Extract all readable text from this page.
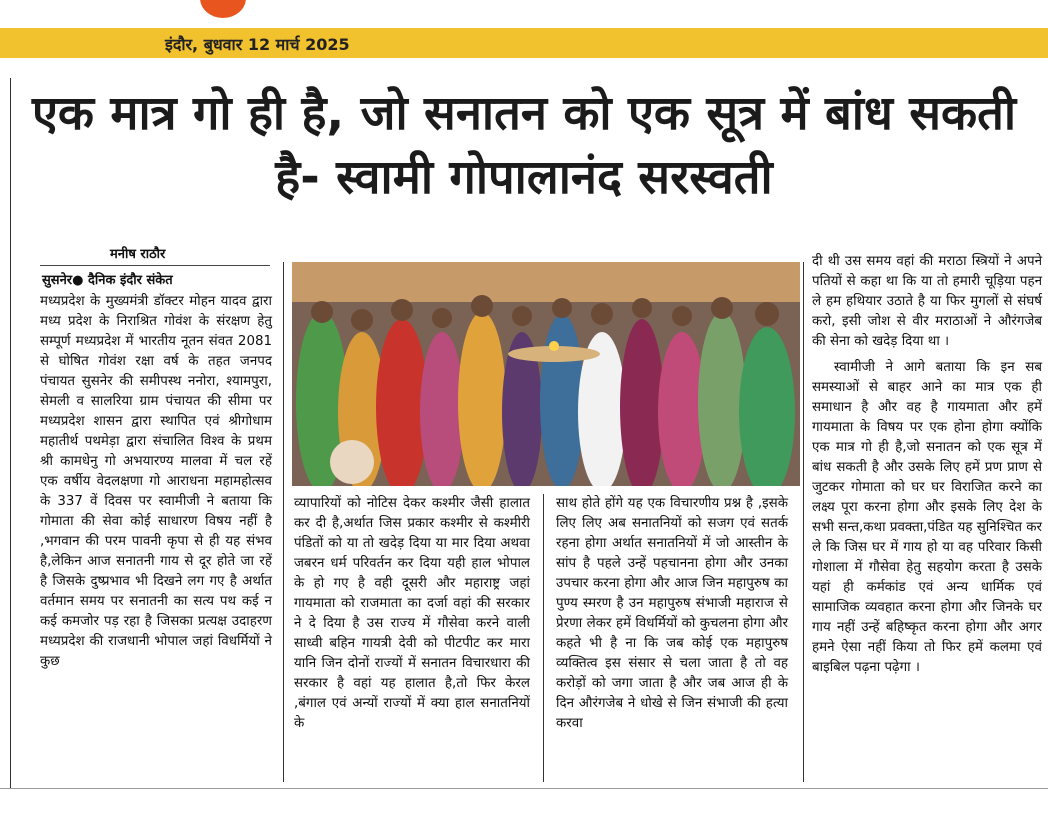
इंदौर, बुधवार 12 मार्च 2025
एक मात्र गो ही है, जो सनातन को एक सूत्र में बांध सकती है- स्वामी गोपालानंद सरस्वती
मनीष राठौर
सुसनेर● दैनिक इंदौर संकेत

मध्यप्रदेश के मुख्यमंत्री डॉक्टर मोहन यादव द्वारा मध्य प्रदेश के निराश्रित गोवंश के संरक्षण हेतु सम्पूर्ण मध्यप्रदेश में भारतीय नूतन संवत 2081 से घोषित गोवंश रक्षा वर्ष के तहत जनपद पंचायत सुसनेर की समीपस्थ ननोरा, श्यामपुरा, सेमली व सालरिया ग्राम पंचायत की सीमा पर मध्यप्रदेश शासन द्वारा स्थापित एवं श्रीगोधाम महातीर्थ पथमेड़ा द्वारा संचालित विश्व के प्रथम श्री कामधेनु गो अभयारण्य मालवा में चल रहें एक वर्षीय वेदलक्षणा गो आराधना महामहोत्सव के 337 वें दिवस पर स्वामीजी ने बताया कि गोमाता की सेवा कोई साधारण विषय नहीं है ,भगवान की परम पावनी कृपा से ही यह संभव है,लेकिन आज सनातनी गाय से दूर होते जा रहें है जिसके दुष्प्रभाव भी दिखने लग गए है अर्थात वर्तमान समय पर सनातनी का सत्य पथ कई न कई कमजोर पड़ रहा है जिसका प्रत्यक्ष उदाहरण मध्यप्रदेश की राजधानी भोपाल जहां विधर्मियों ने कुछ

व्यापारियों को नोटिस देकर कश्मीर जैसी हालात कर दी है,अर्थात जिस प्रकार कश्मीर से कश्मीरी पंडितों को या तो खदेड़ दिया या मार दिया अथवा जबरन धर्म परिवर्तन कर दिया यही हाल भोपाल के हो गए है वही दूसरी और महाराष्ट्र जहां गायमाता को राजमाता का दर्जा वहां की सरकार ने दे दिया है उस राज्य में गौसेवा करने वाली साध्वी बहिन गायत्री देवी को पीटपीट कर मारा यानि जिन दोनों राज्यों में सनातन विचारधारा की सरकार है वहां यह हालात है,तो फिर केरल ,बंगाल एवं अन्यों राज्यों में क्या हाल सनातनियों के

साथ होते होंगे यह एक विचारणीय प्रश्न है ,इसके लिए लिए अब सनातनियों को सजग एवं सतर्क रहना होगा अर्थात सनातनियों में जो आस्तीन के सांप है पहले उन्हें पहचानना होगा और उनका उपचार करना होगा और आज जिन महापुरुष का पुण्य स्मरण है उन महापुरुष संभाजी महाराज से प्रेरणा लेकर हमें विधर्मियों को कुचलना होगा और कहते भी है ना कि जब कोई एक महापुरुष व्यक्तित्व इस संसार से चला जाता है तो वह करोड़ों को जगा जाता है और जब आज ही के दिन औरंगजेब ने धोखे से जिन संभाजी की हत्या करवा

दी थी उस समय वहां की मराठा स्त्रियों ने अपने पतियों से कहा था कि या तो हमारी चूड़िया पहन ले हम हथियार उठाते है या फिर मुगलों से संघर्ष करो, इसी जोश से वीर मराठाओं ने औरंगजेब की सेना को खदेड़ दिया था ।

स्वामीजी ने आगे बताया कि इन सब समस्याओं से बाहर आने का मात्र एक ही समाधान है और वह है गायमाता और हमें गायमाता के विषय पर एक होना होगा क्योंकि एक मात्र गो ही है,जो सनातन को एक सूत्र में बांध सकती है और उसके लिए हमें प्रण प्राण से जुटकर गोमाता को घर घर विराजित करने का लक्ष्य पूरा करना होगा और इसके लिए देश के सभी सन्त,कथा प्रवक्ता,पंडित यह सुनिश्चित कर ले कि जिस घर में गाय हो या वह परिवार किसी गोशाला में गौसेवा हेतु सहयोग करता है उसके यहां ही कर्मकांड एवं अन्य धार्मिक एवं सामाजिक व्यवहात करना होगा और जिनके घर गाय नहीं उन्हें बहिष्कृत करना होगा और अगर हमने ऐसा नहीं किया तो फिर हमें कलमा एवं बाइबिल पढ़ना पढ़ेगा ।
